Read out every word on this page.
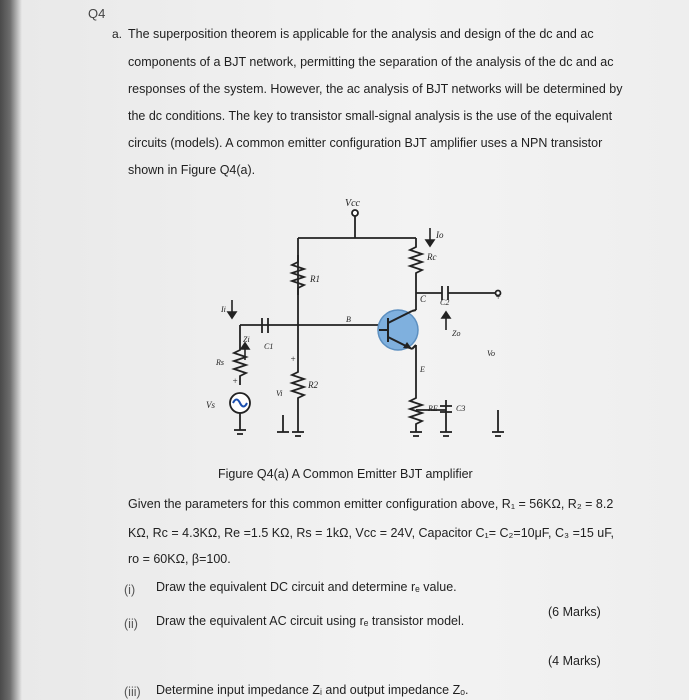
Q4
a. The superposition theorem is applicable for the analysis and design of the dc and ac

components of a BJT network, permitting the separation of the analysis of the dc and ac

responses of the system. However, the ac analysis of BJT networks will be determined by

the dc conditions. The key to transistor small-signal analysis is the use of the equivalent

circuits (models). A common emitter configuration BJT amplifier uses a NPN transistor

shown in Figure Q4(a).

Vcc
Rc
R1
R2
RE
Rs
C1
C2
C3
Vs
Vi
Vo
Zi
Zo
Ii
Io
B
C
E
+
+
+
Figure Q4(a) A Common Emitter BJT amplifier

Given the parameters for this common emitter configuration above, R₁ = 56KΩ, R₂ = 8.2

KΩ, Rc = 4.3KΩ, Re =1.5 KΩ, Rs = 1kΩ, Vcc = 24V, Capacitor C₁= C₂=10μF, C₃ =15 uF,

ro = 60KΩ, β=100.

(i) Draw the equivalent DC circuit and determine rₑ value.
(6 Marks)
(ii) Draw the equivalent AC circuit using rₑ transistor model.
(4 Marks)
(iii) Determine input impedance Zᵢ and output impedance Zₒ.
